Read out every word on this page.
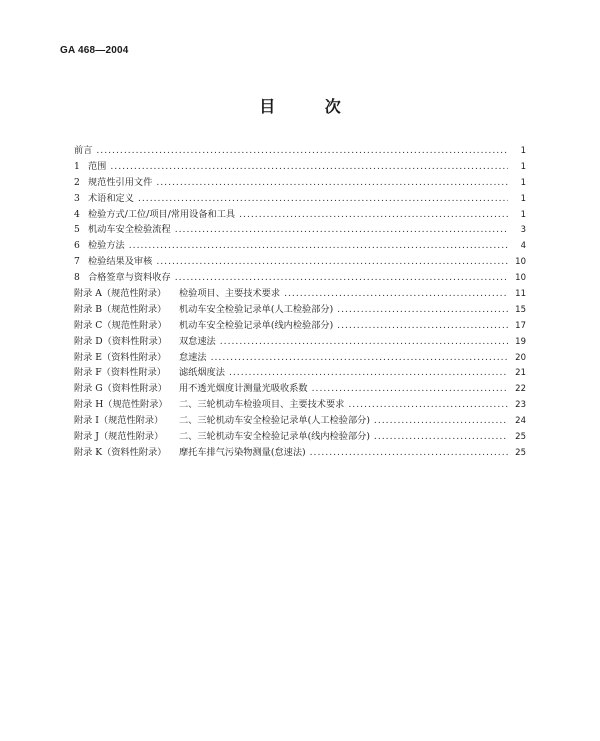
GA 468—2004
目 次
前言 .....	1
1 范围 .....	1
2 规范性引用文件 .....	1
3 术语和定义 .....	1
4 检验方式/工位/项目/常用设备和工具 .....	1
5 机动车安全检验流程 .....	3
6 检验方法 .....	4
7 检验结果及审核 .....	10
8 合格签章与资料收存 .....	10
附录 A（规范性附录）	检验项目、主要技术要求 .....	11
附录 B（规范性附录）	机动车安全检验记录单(人工检验部分) .....	15
附录 C（规范性附录）	机动车安全检验记录单(线内检验部分) .....	17
附录 D（资料性附录）	双怠速法 .....	19
附录 E（资料性附录）	怠速法 .....	20
附录 F（资料性附录）	滤纸烟度法 .....	21
附录 G（资料性附录）	用不透光烟度计测量光吸收系数 .....	22
附录 H（规范性附录）	二、三轮机动车检验项目、主要技术要求 .....	23
附录 I（规范性附录）	二、三轮机动车安全检验记录单(人工检验部分) .....	24
附录 J（规范性附录）	二、三轮机动车安全检验记录单(线内检验部分) .....	25
附录 K（资料性附录）	摩托车排气污染物测量(怠速法) .....	25
